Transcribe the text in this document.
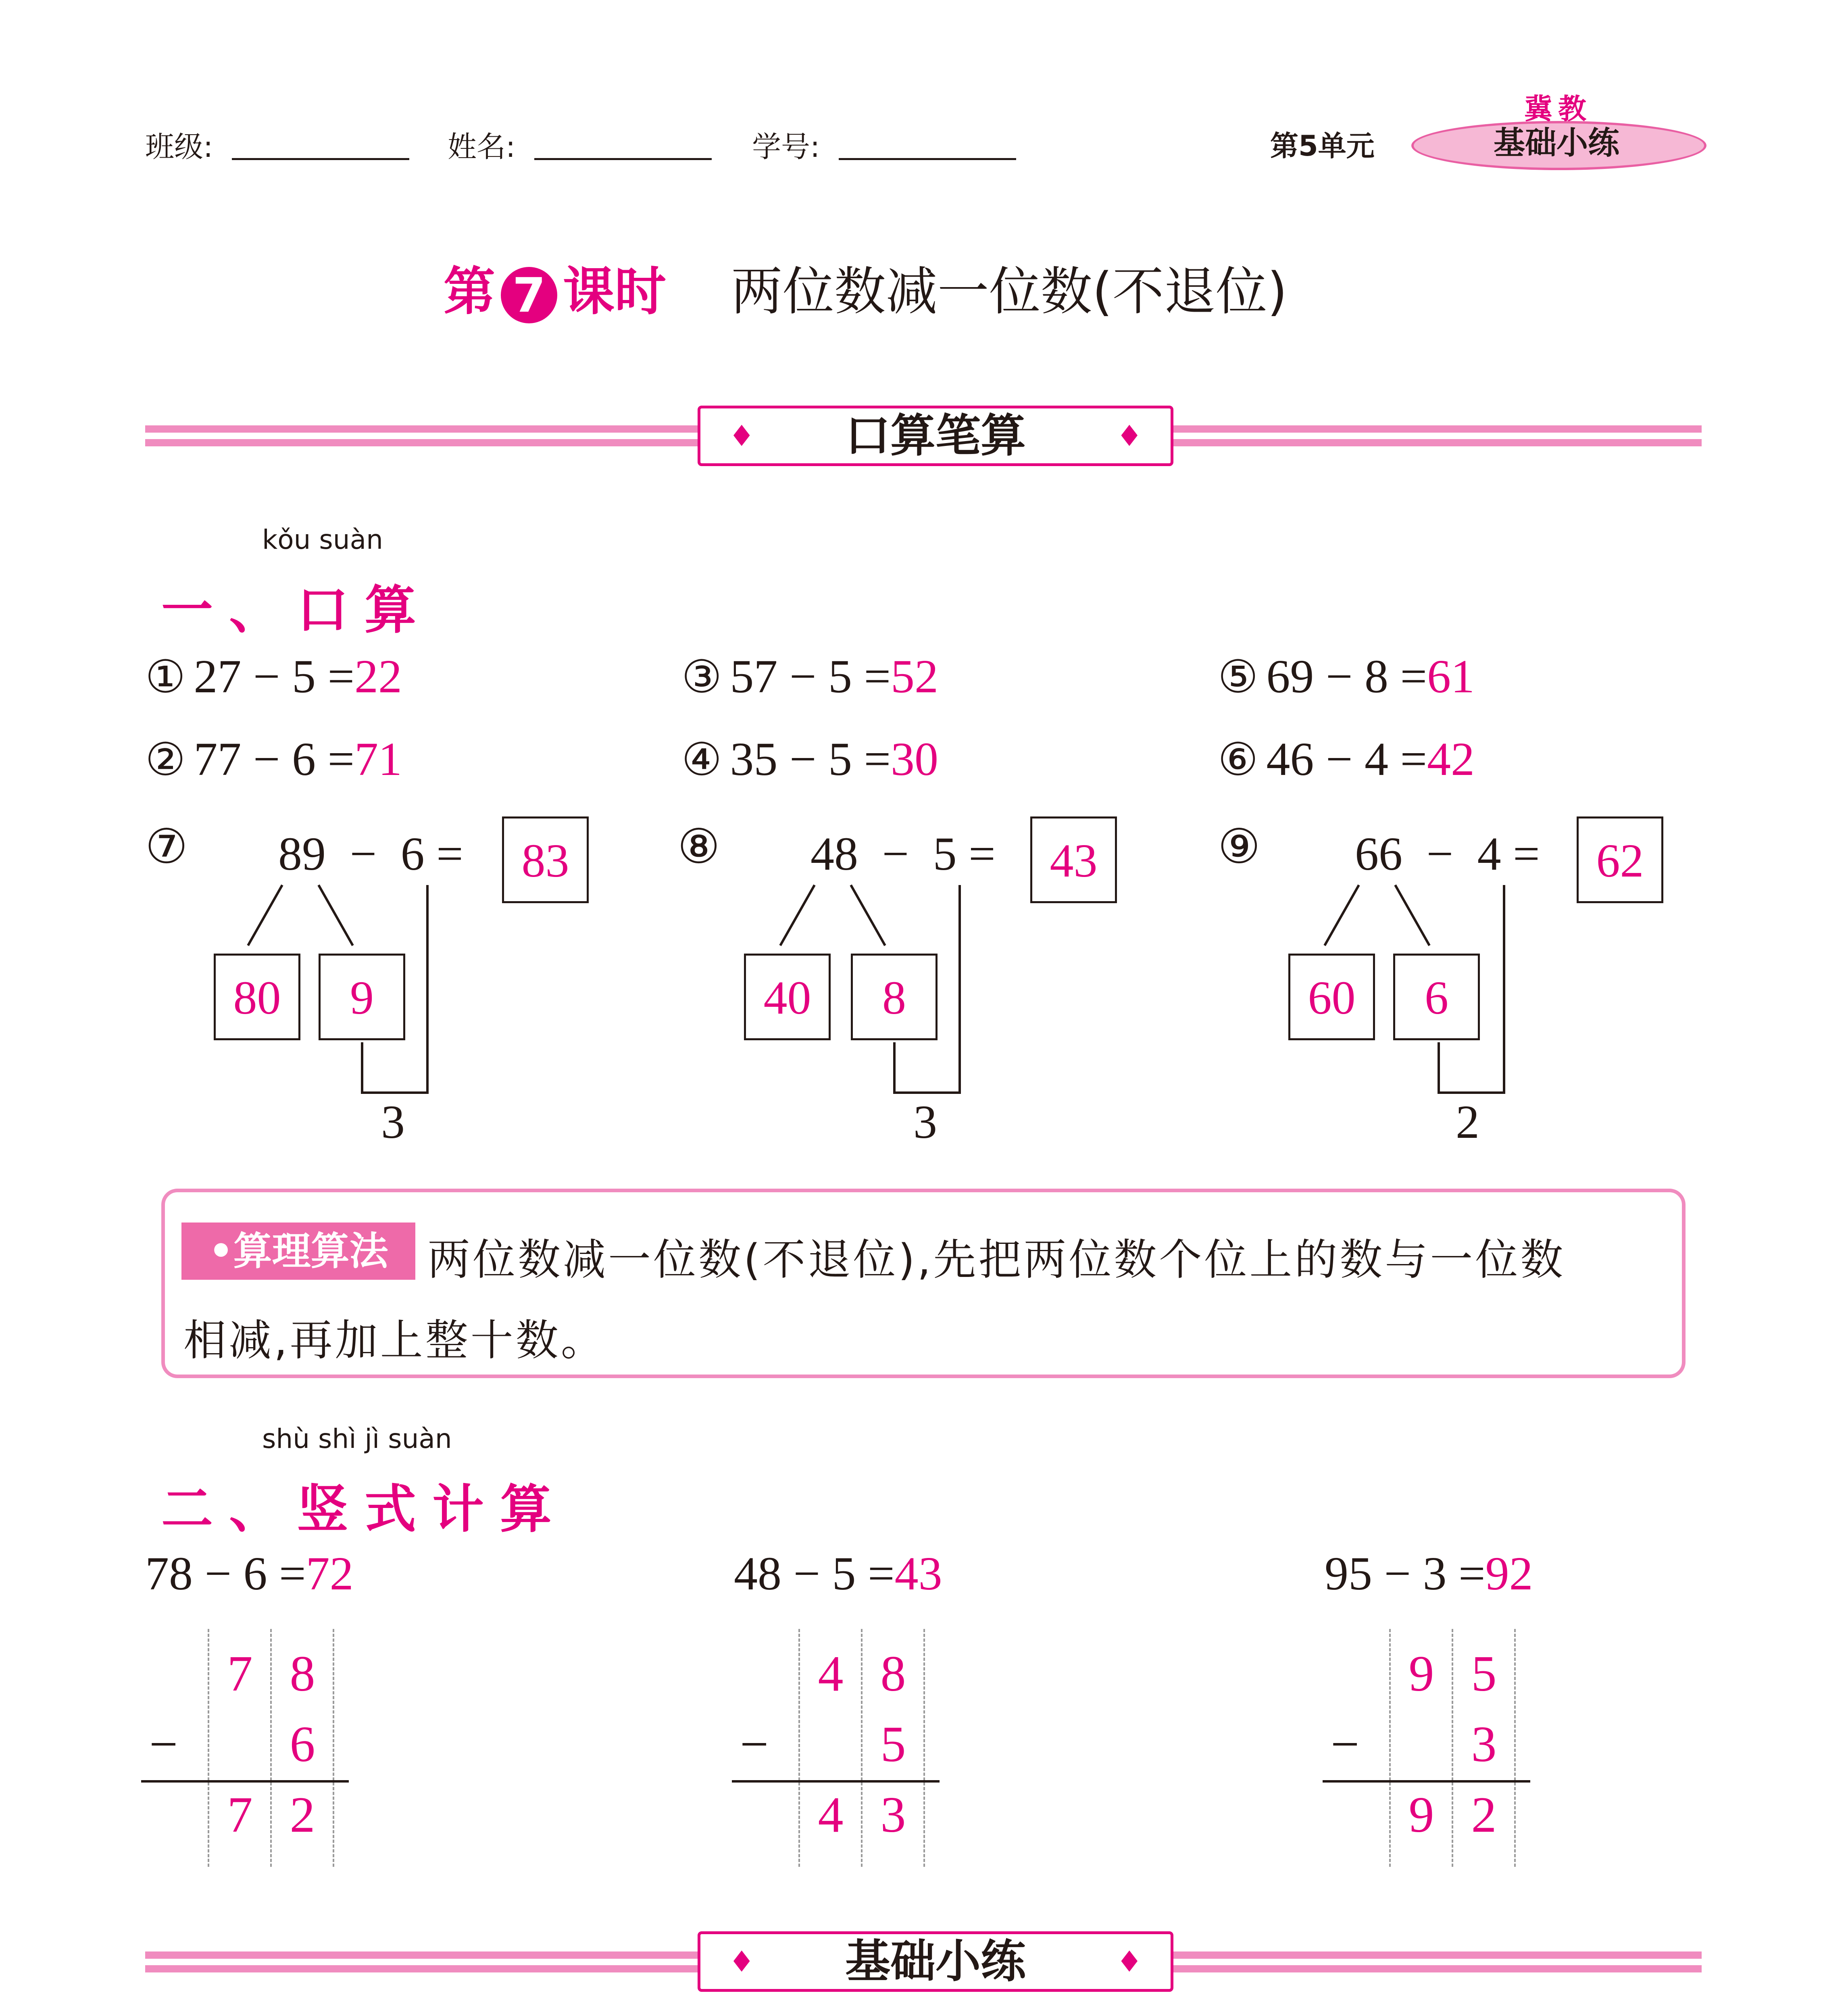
班级:	姓名:	学号:	第5单元	基础小练
冀教
第 7 课时 两位数减一位数(不退位)
♦	口算笔算	♦
kǒu suàn
一、口算
① 27 − 5 =22	③ 57 − 5 =52	⑤ 69 − 8 =61
② 77 − 6 =71	④ 35 − 5 =30	⑥ 46 − 4 =42
⑦ 89 − 6 =	83
80	9
3
⑧ 48 − 5 =	43
40	8
3
⑨ 66 − 4 =	62
60	6
2
•算理算法 两位数减一位数(不退位),先把两位数个位上的数与一位数
相减,再加上整十数。
shù shì jì suàn
二、竖式计算
78 − 6 =72
7 8
− 6
7 2
48 − 5 =43
4 8
− 5
4 3
95 − 3 =92
9 5
− 3
9 2
♦	基础小练	♦
